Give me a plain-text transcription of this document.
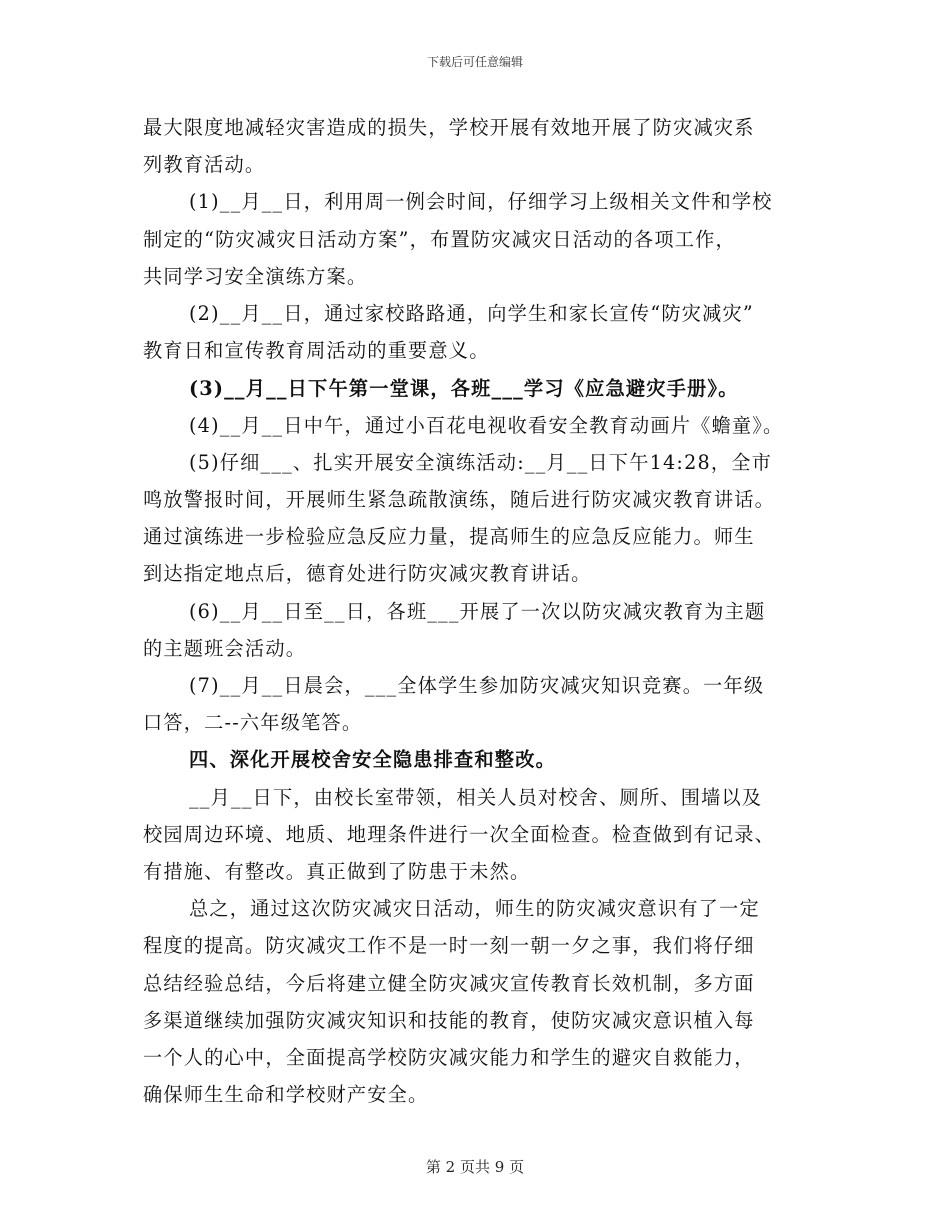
下载后可任意编辑
最大限度地减轻灾害造成的损失，学校开展有效地开展了防灾减灾系
列教育活动。
(1)__月__日，利用周一例会时间，仔细学习上级相关文件和学校
制定的“防灾减灾日活动方案”，布置防灾减灾日活动的各项工作，
共同学习安全演练方案。
(2)__月__日，通过家校路路通，向学生和家长宣传“防灾减灾”
教育日和宣传教育周活动的重要意义。
(3)__月__日下午第一堂课，各班___学习《应急避灾手册》。
(4)__月__日中午，通过小百花电视收看安全教育动画片《蟾童》。
(5)仔细___、扎实开展安全演练活动:__月__日下午14:28，全市
鸣放警报时间，开展师生紧急疏散演练，随后进行防灾减灾教育讲话。
通过演练进一步检验应急反应力量，提高师生的应急反应能力。师生
到达指定地点后，德育处进行防灾减灾教育讲话。
(6)__月__日至__日，各班___开展了一次以防灾减灾教育为主题
的主题班会活动。
(7)__月__日晨会，___全体学生参加防灾减灾知识竞赛。一年级
口答，二--六年级笔答。
四、深化开展校舍安全隐患排查和整改。
__月__日下，由校长室带领，相关人员对校舍、厕所、围墙以及
校园周边环境、地质、地理条件进行一次全面检查。检查做到有记录、
有措施、有整改。真正做到了防患于未然。
总之，通过这次防灾减灾日活动，师生的防灾减灾意识有了一定
程度的提高。防灾减灾工作不是一时一刻一朝一夕之事，我们将仔细
总结经验总结，今后将建立健全防灾减灾宣传教育长效机制，多方面
多渠道继续加强防灾减灾知识和技能的教育，使防灾减灾意识植入每
一个人的心中，全面提高学校防灾减灾能力和学生的避灾自救能力，
确保师生生命和学校财产安全。
第 2 页共 9 页
